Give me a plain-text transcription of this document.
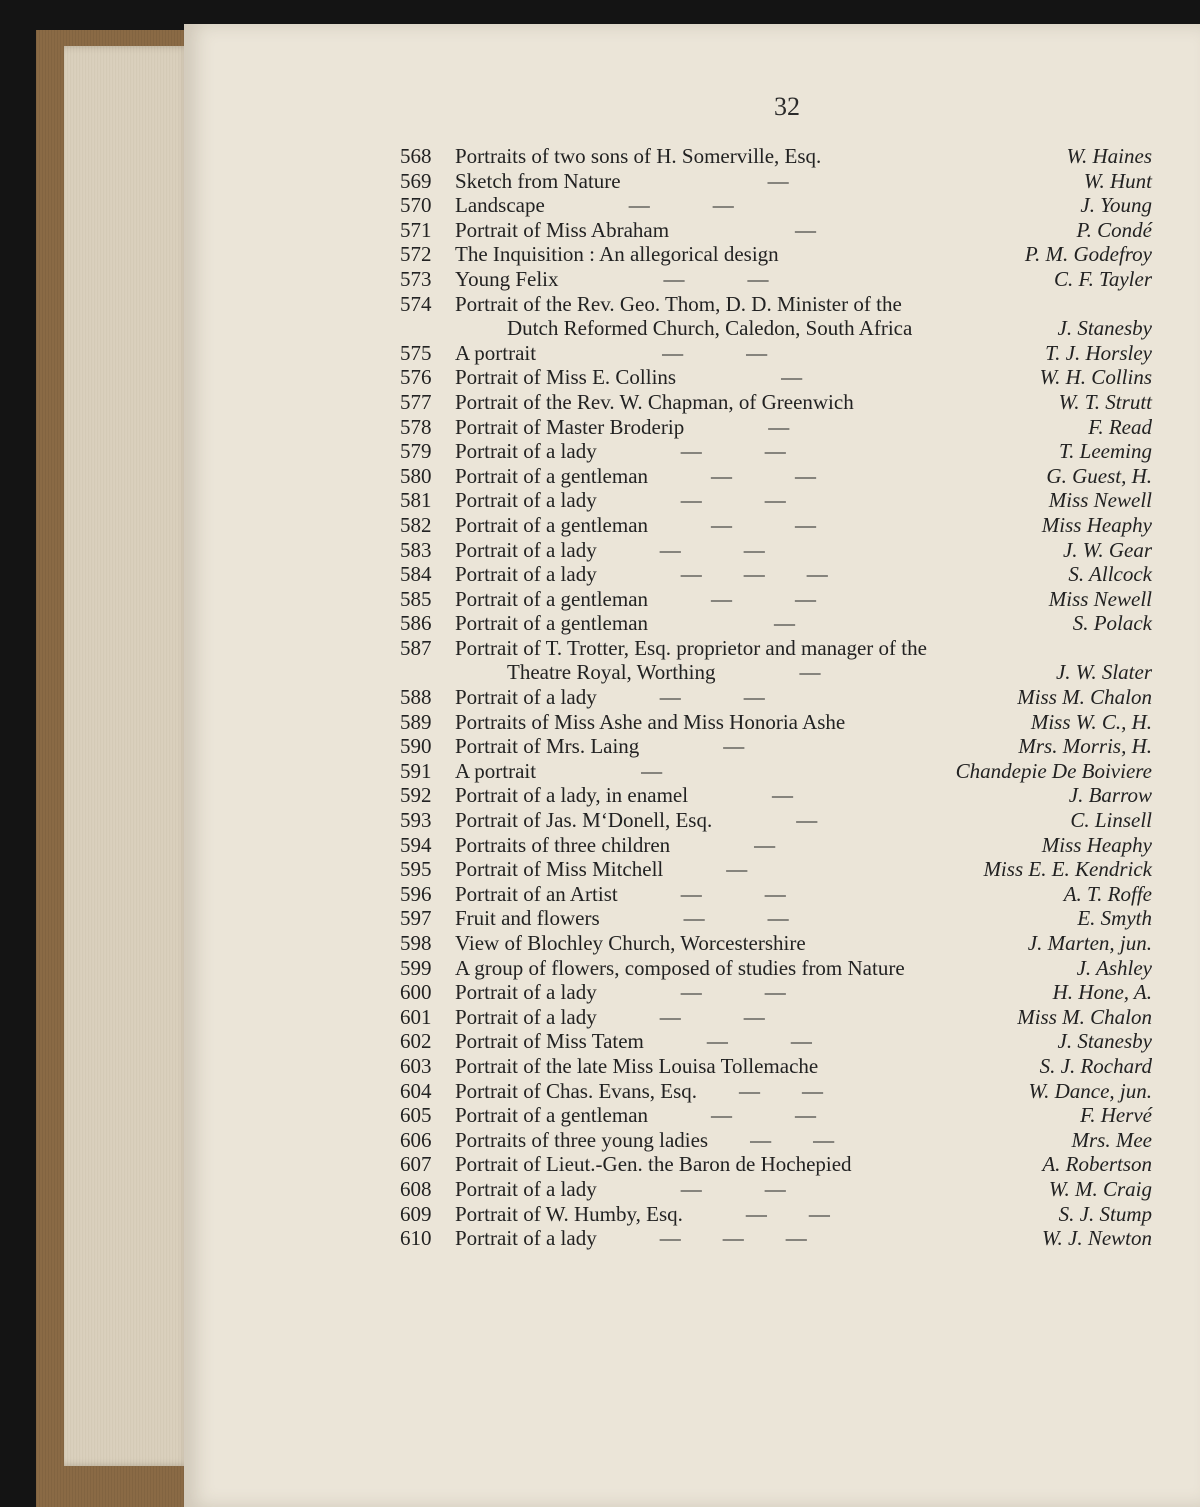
32
568	Portraits of two sons of H. Somerville, Esq.	W. Haines
569	Sketch from Nature       —	W. Hunt
570	Landscape    —   —	J. Young
571	Portrait of Miss Abraham      —	P. Condé
572	The Inquisition : An allegorical design	P. M. Godefroy
573	Young Felix     —   —	C. F. Tayler
574	Portrait of the Rev. Geo. Thom, D. D. Minister of the
Dutch Reformed Church, Caledon, South Africa	J. Stanesby
575	A portrait      —   —	T. J. Horsley
576	Portrait of Miss E. Collins     —	W. H. Collins
577	Portrait of the Rev. W. Chapman, of Greenwich	W. T. Strutt
578	Portrait of Master Broderip    —	F. Read
579	Portrait of a lady    —   —	T. Leeming
580	Portrait of a gentleman   —   —	G. Guest, H.
581	Portrait of a lady    —   —	Miss Newell
582	Portrait of a gentleman   —   —	Miss Heaphy
583	Portrait of a lady   —   —	J. W. Gear
584	Portrait of a lady    —  —  —	S. Allcock
585	Portrait of a gentleman   —   —	Miss Newell
586	Portrait of a gentleman      —	S. Polack
587	Portrait of T. Trotter, Esq. proprietor and manager of the
Theatre Royal, Worthing    —	J. W. Slater
588	Portrait of a lady   —   —	Miss M. Chalon
589	Portraits of Miss Ashe and Miss Honoria Ashe	Miss W. C., H.
590	Portrait of Mrs. Laing    —	Mrs. Morris, H.
591	A portrait     —	Chandepie De Boiviere
592	Portrait of a lady, in enamel    —	J. Barrow
593	Portrait of Jas. M‘Donell, Esq.    —	C. Linsell
594	Portraits of three children    —	Miss Heaphy
595	Portrait of Miss Mitchell   —	Miss E. E. Kendrick
596	Portrait of an Artist   —   —	A. T. Roffe
597	Fruit and flowers    —   —	E. Smyth
598	View of Blochley Church, Worcestershire	J. Marten, jun.
599	A group of flowers, composed of studies from Nature	J. Ashley
600	Portrait of a lady    —   —	H. Hone, A.
601	Portrait of a lady   —   —	Miss M. Chalon
602	Portrait of Miss Tatem   —   —	J. Stanesby
603	Portrait of the late Miss Louisa Tollemache	S. J. Rochard
604	Portrait of Chas. Evans, Esq.  —  —	W. Dance, jun.
605	Portrait of a gentleman   —   —	F. Hervé
606	Portraits of three young ladies  —  —	Mrs. Mee
607	Portrait of Lieut.-Gen. the Baron de Hochepied	A. Robertson
608	Portrait of a lady    —   —	W. M. Craig
609	Portrait of W. Humby, Esq.   —  —	S. J. Stump
610	Portrait of a lady   —  —  —	W. J. Newton
